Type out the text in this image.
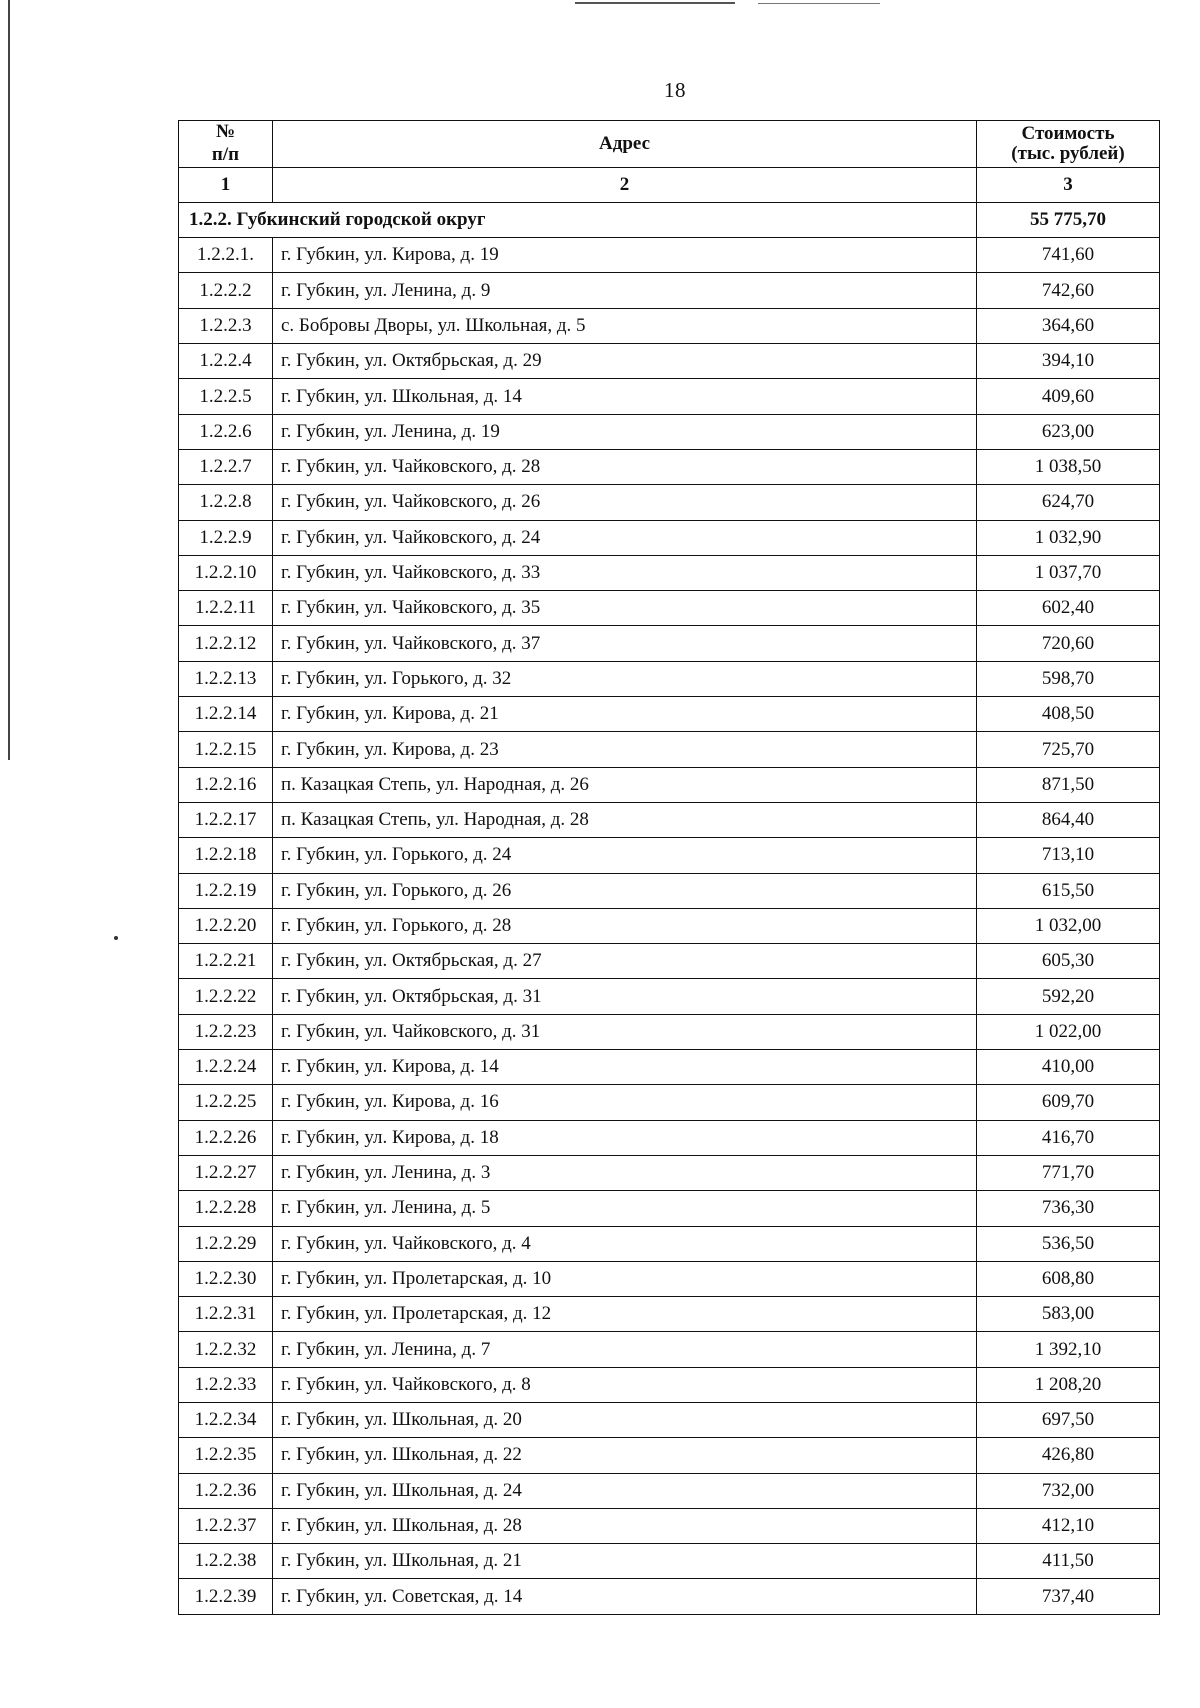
18
№
п/п	Адрес	Стоимость
(тыс. рублей)
1	2	3
1.2.2. Губкинский городской округ		55 775,70
1.2.2.1.	г. Губкин, ул. Кирова, д. 19	741,60
1.2.2.2	г. Губкин, ул. Ленина, д. 9	742,60
1.2.2.3	с. Бобровы Дворы, ул. Школьная, д. 5	364,60
1.2.2.4	г. Губкин, ул. Октябрьская, д. 29	394,10
1.2.2.5	г. Губкин, ул. Школьная, д. 14	409,60
1.2.2.6	г. Губкин, ул. Ленина, д. 19	623,00
1.2.2.7	г. Губкин, ул. Чайковского, д. 28	1 038,50
1.2.2.8	г. Губкин, ул. Чайковского, д. 26	624,70
1.2.2.9	г. Губкин, ул. Чайковского, д. 24	1 032,90
1.2.2.10	г. Губкин, ул. Чайковского, д. 33	1 037,70
1.2.2.11	г. Губкин, ул. Чайковского, д. 35	602,40
1.2.2.12	г. Губкин, ул. Чайковского, д. 37	720,60
1.2.2.13	г. Губкин, ул. Горького, д. 32	598,70
1.2.2.14	г. Губкин, ул. Кирова, д. 21	408,50
1.2.2.15	г. Губкин, ул. Кирова, д. 23	725,70
1.2.2.16	п. Казацкая Степь, ул. Народная, д. 26	871,50
1.2.2.17	п. Казацкая Степь, ул. Народная, д. 28	864,40
1.2.2.18	г. Губкин, ул. Горького, д. 24	713,10
1.2.2.19	г. Губкин, ул. Горького, д. 26	615,50
1.2.2.20	г. Губкин, ул. Горького, д. 28	1 032,00
1.2.2.21	г. Губкин, ул. Октябрьская, д. 27	605,30
1.2.2.22	г. Губкин, ул. Октябрьская, д. 31	592,20
1.2.2.23	г. Губкин, ул. Чайковского, д. 31	1 022,00
1.2.2.24	г. Губкин, ул. Кирова, д. 14	410,00
1.2.2.25	г. Губкин, ул. Кирова, д. 16	609,70
1.2.2.26	г. Губкин, ул. Кирова, д. 18	416,70
1.2.2.27	г. Губкин, ул. Ленина, д. 3	771,70
1.2.2.28	г. Губкин, ул. Ленина, д. 5	736,30
1.2.2.29	г. Губкин, ул. Чайковского, д. 4	536,50
1.2.2.30	г. Губкин, ул. Пролетарская, д. 10	608,80
1.2.2.31	г. Губкин, ул. Пролетарская, д. 12	583,00
1.2.2.32	г. Губкин, ул. Ленина, д. 7	1 392,10
1.2.2.33	г. Губкин, ул. Чайковского, д. 8	1 208,20
1.2.2.34	г. Губкин, ул. Школьная, д. 20	697,50
1.2.2.35	г. Губкин, ул. Школьная, д. 22	426,80
1.2.2.36	г. Губкин, ул. Школьная, д. 24	732,00
1.2.2.37	г. Губкин, ул. Школьная, д. 28	412,10
1.2.2.38	г. Губкин, ул. Школьная, д. 21	411,50
1.2.2.39	г. Губкин, ул. Советская, д. 14	737,40
